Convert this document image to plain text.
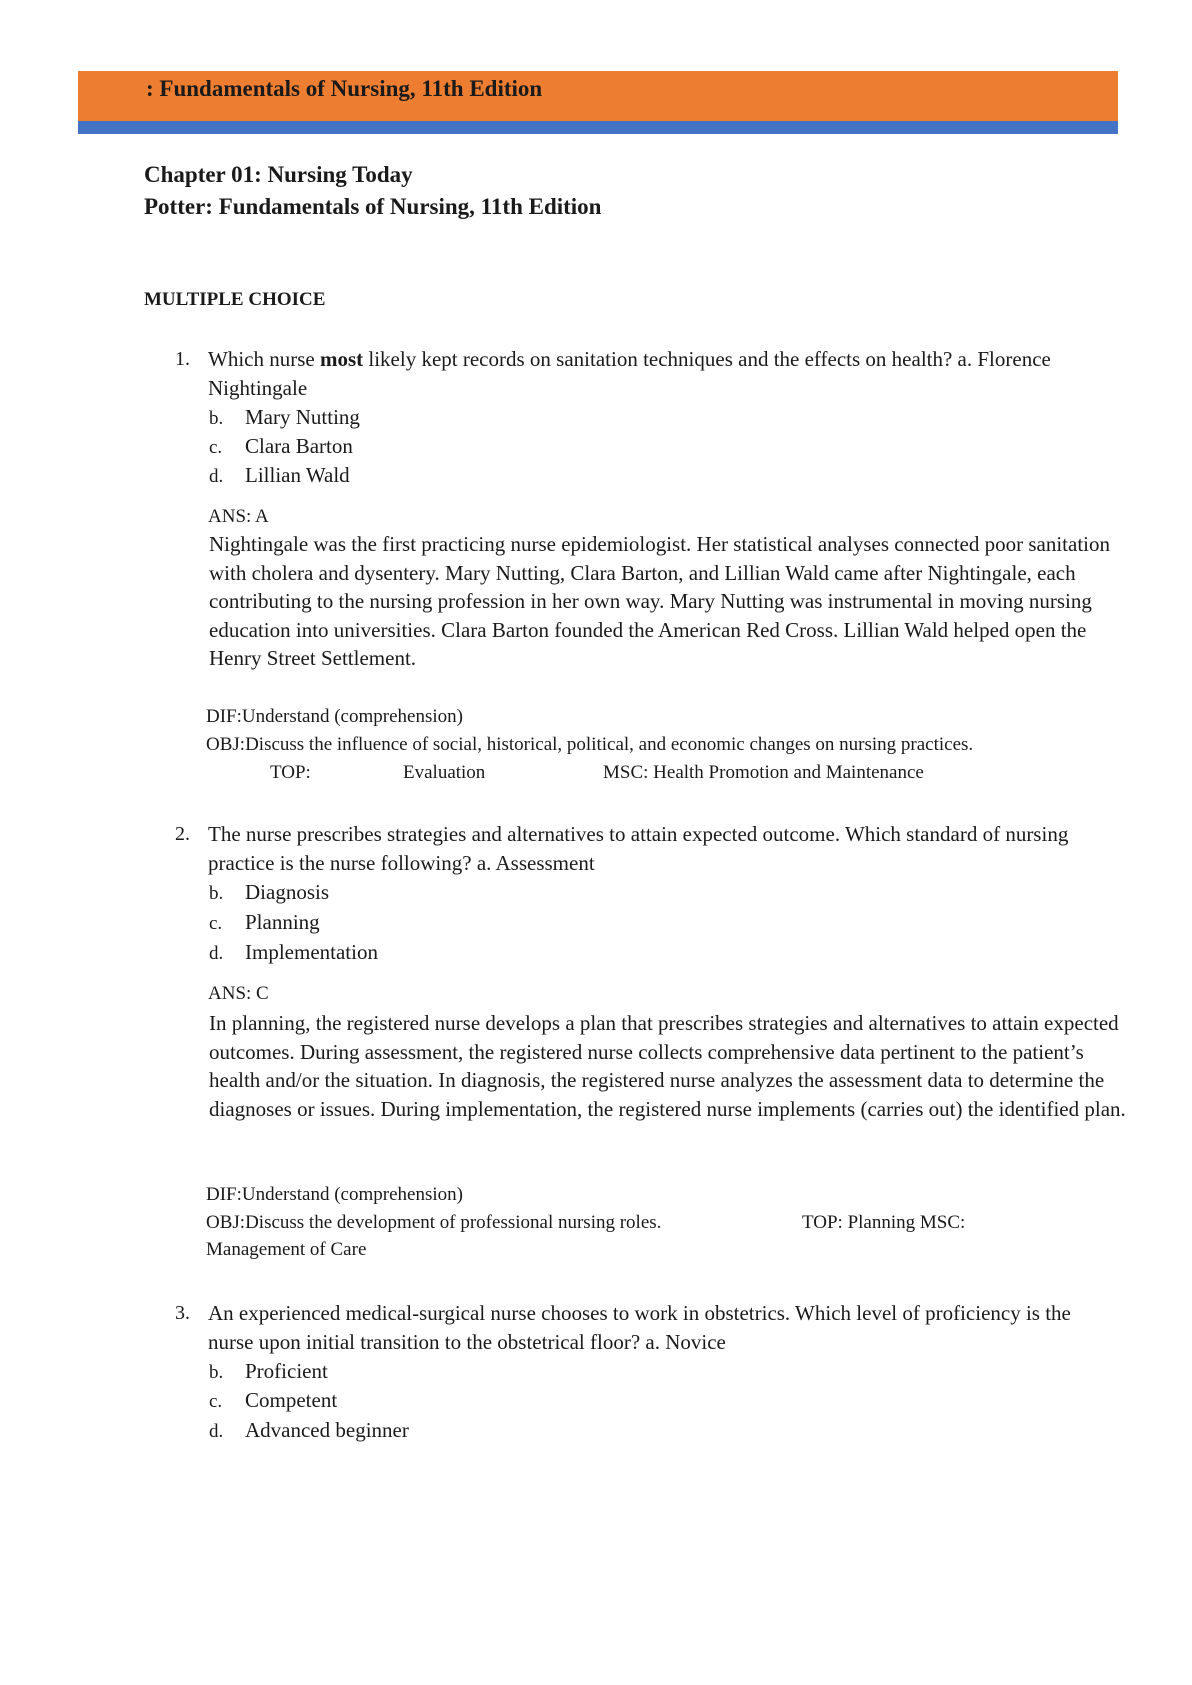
: Fundamentals of Nursing, 11th Edition
Chapter 01: Nursing Today
Potter: Fundamentals of Nursing, 11th Edition
MULTIPLE CHOICE
1. Which nurse most likely kept records on sanitation techniques and the effects on health? a. Florence Nightingale
b. Mary Nutting
c. Clara Barton
d. Lillian Wald
ANS: A
Nightingale was the first practicing nurse epidemiologist. Her statistical analyses connected poor sanitation with cholera and dysentery. Mary Nutting, Clara Barton, and Lillian Wald came after Nightingale, each contributing to the nursing profession in her own way. Mary Nutting was instrumental in moving nursing education into universities. Clara Barton founded the American Red Cross. Lillian Wald helped open the Henry Street Settlement.
DIF:Understand (comprehension)
OBJ:Discuss the influence of social, historical, political, and economic changes on nursing practices.
TOP:	Evaluation	MSC: Health Promotion and Maintenance
2. The nurse prescribes strategies and alternatives to attain expected outcome. Which standard of nursing practice is the nurse following? a. Assessment
b. Diagnosis
c. Planning
d. Implementation
ANS: C
In planning, the registered nurse develops a plan that prescribes strategies and alternatives to attain expected outcomes. During assessment, the registered nurse collects comprehensive data pertinent to the patient’s health and/or the situation. In diagnosis, the registered nurse analyzes the assessment data to determine the diagnoses or issues. During implementation, the registered nurse implements (carries out) the identified plan.
DIF:Understand (comprehension)
OBJ:Discuss the development of professional nursing roles.	TOP: Planning MSC:
Management of Care
3. An experienced medical-surgical nurse chooses to work in obstetrics. Which level of proficiency is the nurse upon initial transition to the obstetrical floor? a. Novice
b. Proficient
c. Competent
d. Advanced beginner
